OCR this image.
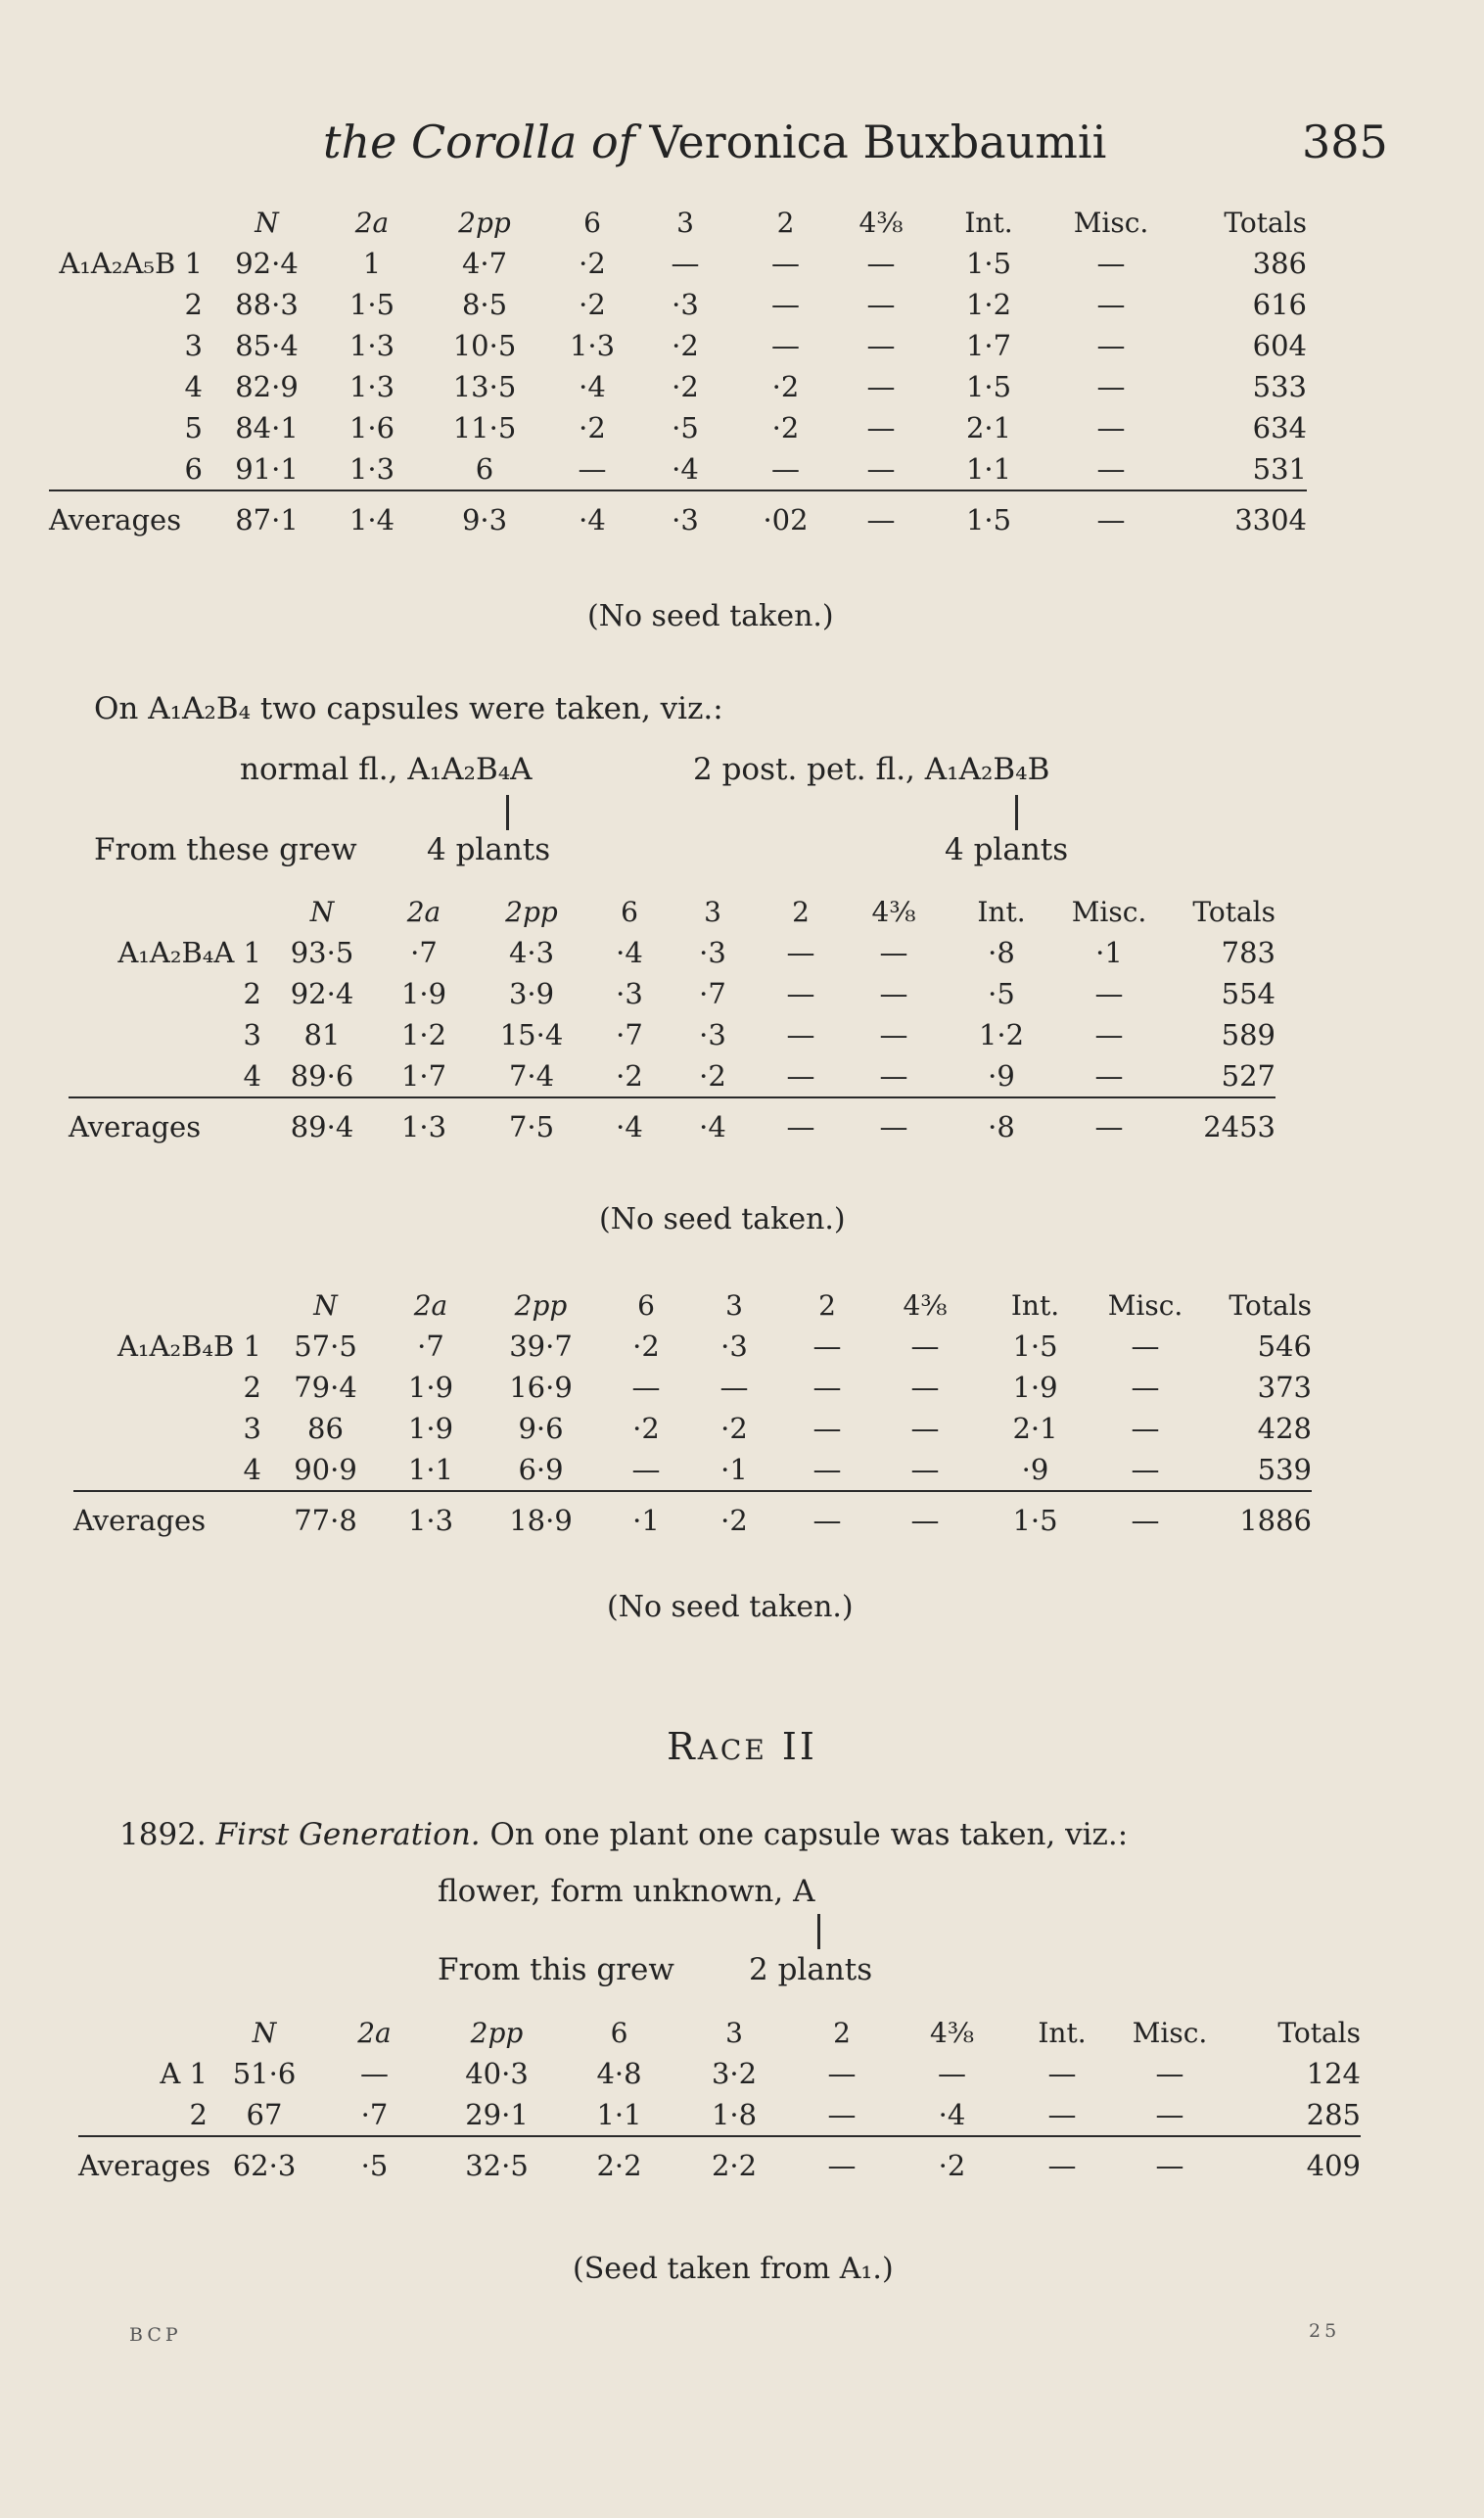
the Corolla of Veronica Buxbaumii	385
	N	2a	2pp	6	3	2	4⅜	Int.	Misc.	Totals
A₁A₂A₅B 1	92·4	1	4·7	·2	—	—	—	1·5	—	386
2	88·3	1·5	8·5	·2	·3	—	—	1·2	—	616
3	85·4	1·3	10·5	1·3	·2	—	—	1·7	—	604
4	82·9	1·3	13·5	·4	·2	·2	—	1·5	—	533
5	84·1	1·6	11·5	·2	·5	·2	—	2·1	—	634
6	91·1	1·3	6	—	·4	—	—	1·1	—	531
Averages	87·1	1·4	9·3	·4	·3	·02	—	1·5	—	3304
(No seed taken.)
On A₁A₂B₄ two capsules were taken, viz.:
normal fl., A₁A₂B₄A	2 post. pet. fl., A₁A₂B₄B
From these grew 4 plants	4 plants
	N	2a	2pp	6	3	2	4⅜	Int.	Misc.	Totals
A₁A₂B₄A 1	93·5	·7	4·3	·4	·3	—	—	·8	·1	783
2	92·4	1·9	3·9	·3	·7	—	—	·5	—	554
3	81	1·2	15·4	·7	·3	—	—	1·2	—	589
4	89·6	1·7	7·4	·2	·2	—	—	·9	—	527
Averages	89·4	1·3	7·5	·4	·4	—	—	·8	—	2453
(No seed taken.)
	N	2a	2pp	6	3	2	4⅜	Int.	Misc.	Totals
A₁A₂B₄B 1	57·5	·7	39·7	·2	·3	—	—	1·5	—	546
2	79·4	1·9	16·9	—	—	—	—	1·9	—	373
3	86	1·9	9·6	·2	·2	—	—	2·1	—	428
4	90·9	1·1	6·9	—	·1	—	—	·9	—	539
Averages	77·8	1·3	18·9	·1	·2	—	—	1·5	—	1886
(No seed taken.)
RACE II
1892. First Generation. On one plant one capsule was taken, viz.:
flower, form unknown, A
From this grew 2 plants
	N	2a	2pp	6	3	2	4⅜	Int.	Misc.	Totals
A 1	51·6	—	40·3	4·8	3·2	—	—	—	—	124
2	67	·7	29·1	1·1	1·8	—	·4	—	—	285
Averages	62·3	·5	32·5	2·2	2·2	—	·2	—	—	409
(Seed taken from A₁.)
BCP	25
